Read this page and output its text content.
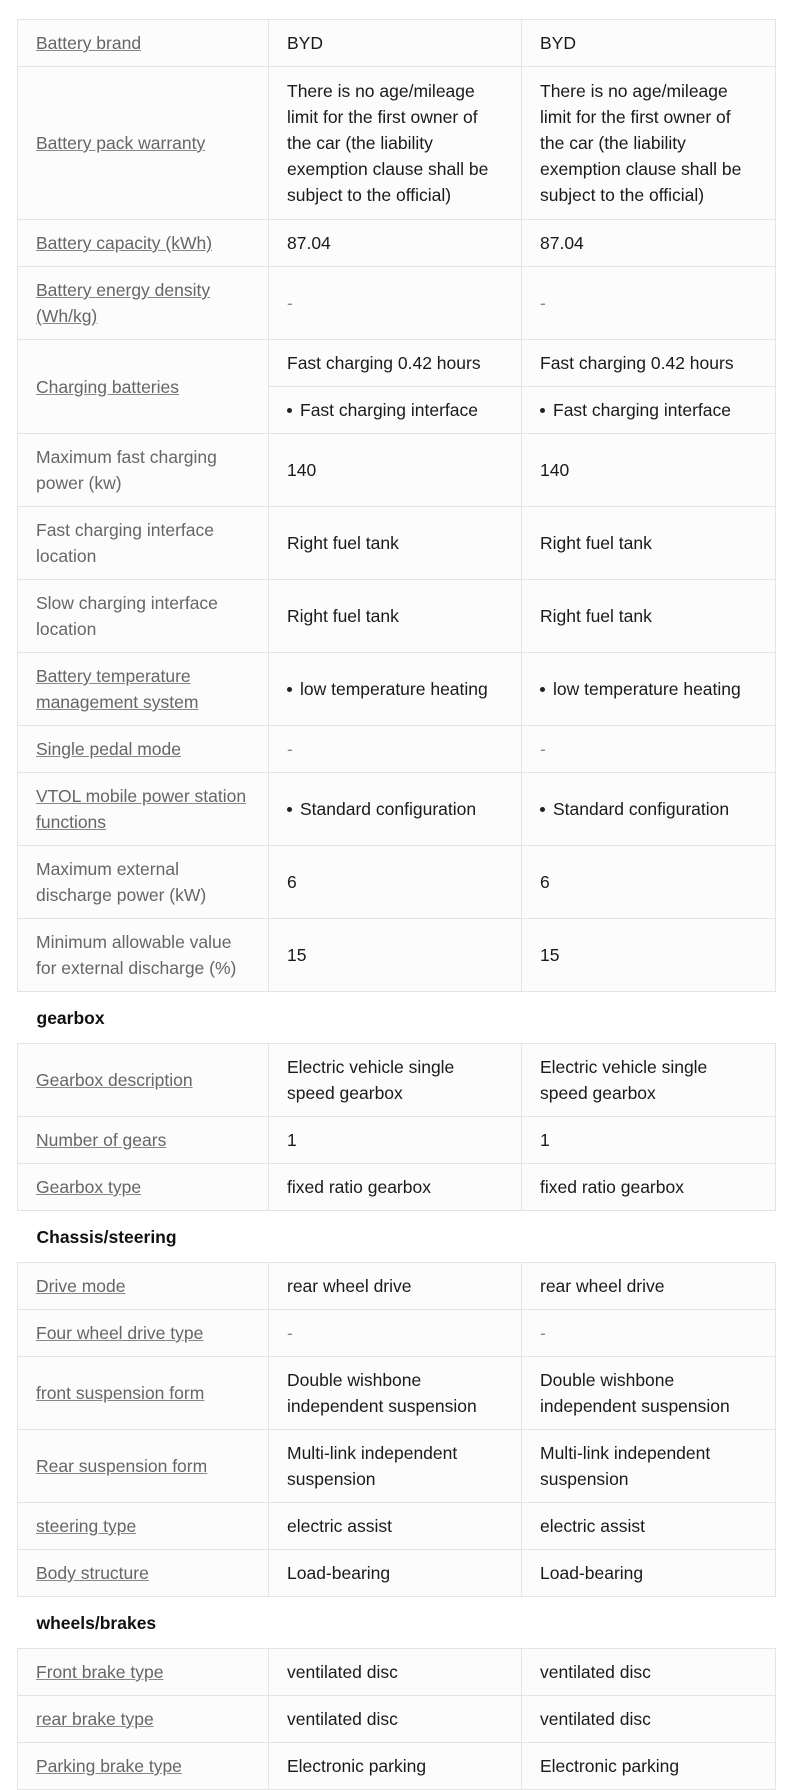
Battery brand	BYD	BYD
Battery pack warranty	There is no age/mileage limit for the first owner of the car (the liability exemption clause shall be subject to the official)	There is no age/mileage limit for the first owner of the car (the liability exemption clause shall be subject to the official)
Battery capacity (kWh)	87.04	87.04
Battery energy density (Wh/kg)	-	-
Charging batteries	Fast charging 0.42 hours	Fast charging 0.42 hours

	Fast charging interface	Fast charging interface

Maximum fast charging power (kw)	140	140
Fast charging interface location	Right fuel tank	Right fuel tank
Slow charging interface location	Right fuel tank	Right fuel tank
Battery temperature management system	low temperature heating	low temperature heating

Single pedal mode	-	-
VTOL mobile power station functions	Standard configuration	Standard configuration

Maximum external discharge power (kW)	6	6
Minimum allowable value for external discharge (%)	15	15
gearbox		
Gearbox description	Electric vehicle single speed gearbox	Electric vehicle single speed gearbox
Number of gears	1	1
Gearbox type	fixed ratio gearbox	fixed ratio gearbox
Chassis/steering		
Drive mode	rear wheel drive	rear wheel drive
Four wheel drive type	-	-
front suspension form	Double wishbone independent suspension	Double wishbone independent suspension
Rear suspension form	Multi-link independent suspension	Multi-link independent suspension
steering type	electric assist	electric assist
Body structure	Load-bearing	Load-bearing
wheels/brakes		
Front brake type	ventilated disc	ventilated disc
rear brake type	ventilated disc	ventilated disc
Parking brake type	Electronic parking	Electronic parking
